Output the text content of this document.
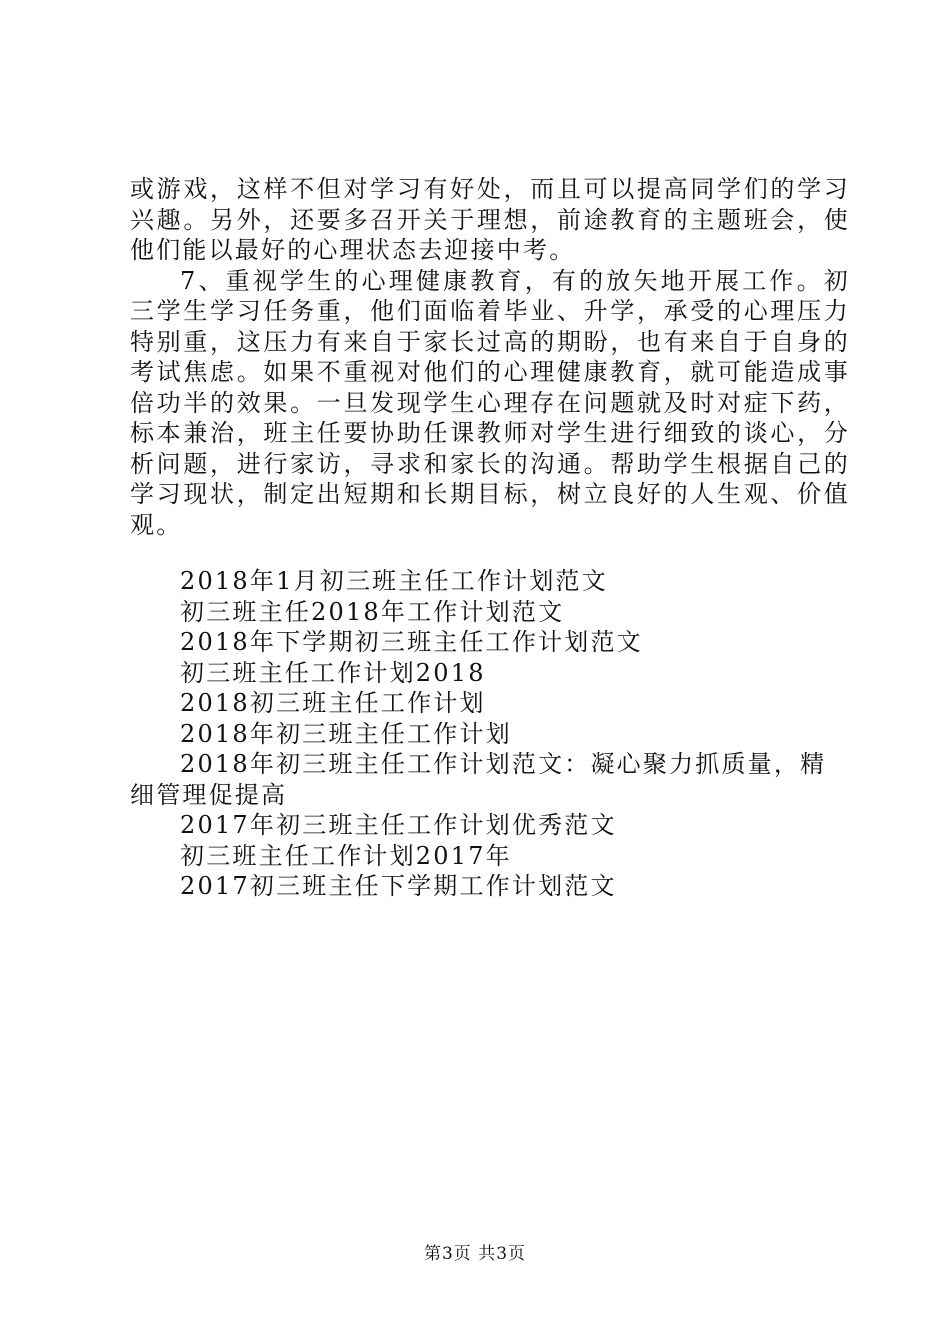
或游戏，这样不但对学习有好处，而且可以提高同学们的学习兴趣。另外，还要多召开关于理想，前途教育的主题班会，使他们能以最好的心理状态去迎接中考。

7、重视学生的心理健康教育，有的放矢地开展工作。初三学生学习任务重，他们面临着毕业、升学，承受的心理压力特别重，这压力有来自于家长过高的期盼，也有来自于自身的考试焦虑。如果不重视对他们的心理健康教育，就可能造成事倍功半的效果。一旦发现学生心理存在问题就及时对症下药，标本兼治，班主任要协助任课教师对学生进行细致的谈心，分析问题，进行家访，寻求和家长的沟通。帮助学生根据自己的学习现状，制定出短期和长期目标，树立良好的人生观、价值观。

2018年1月初三班主任工作计划范文

初三班主任2018年工作计划范文

2018年下学期初三班主任工作计划范文

初三班主任工作计划2018

2018初三班主任工作计划

2018年初三班主任工作计划

2018年初三班主任工作计划范文：凝心聚力抓质量，精细管理促提高

2017年初三班主任工作计划优秀范文

初三班主任工作计划2017年

2017初三班主任下学期工作计划范文

第3页 共3页
